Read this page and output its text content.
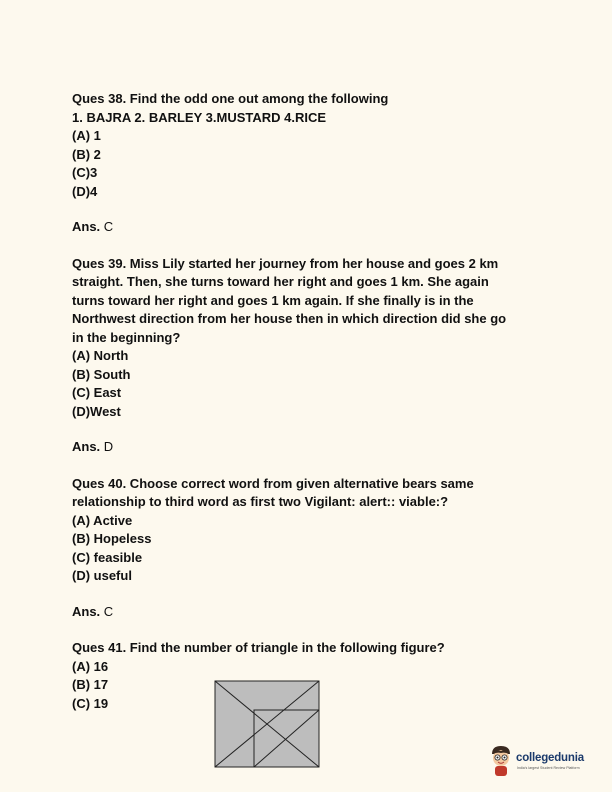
Ques 38. Find the odd one out among the following

1. BAJRA 2. BARLEY 3.MUSTARD 4.RICE

(A) 1

(B) 2

(C)3

(D)4

Ans. C

Ques 39. Miss Lily started her journey from her house and goes 2 km

straight. Then, she turns toward her right and goes 1 km. She again

turns toward her right and goes 1 km again. If she finally is in the

Northwest direction from her house then in which direction did she go

in the beginning?

(A) North

(B) South

(C) East

(D)West

Ans. D

Ques 40. Choose correct word from given alternative bears same

relationship to third word as first two Vigilant: alert:: viable:?

(A) Active

(B) Hopeless

(C) feasible

(D) useful

Ans. C

Ques 41. Find the number of triangle in the following figure?

(A) 16

(B) 17

(C) 19

collegedunia
India's largest Student Review Platform
